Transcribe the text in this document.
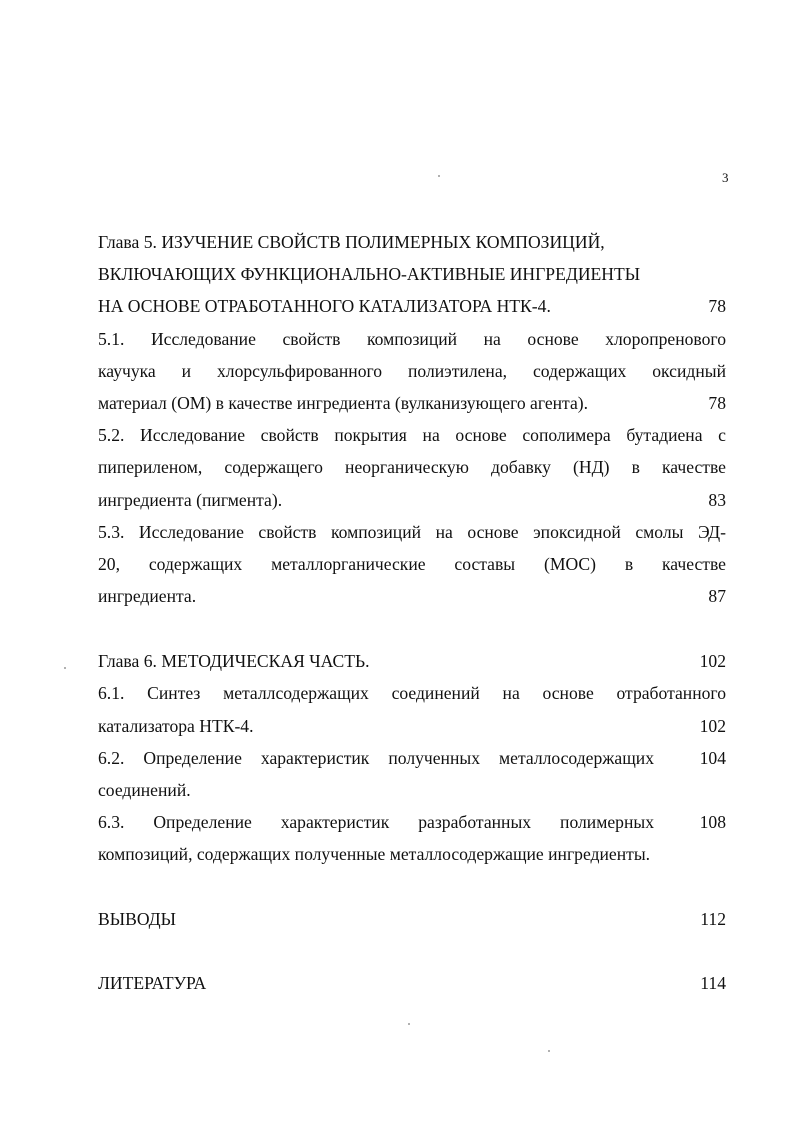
3
Глава 5. ИЗУЧЕНИЕ СВОЙСТВ ПОЛИМЕРНЫХ КОМПОЗИЦИЙ,
ВКЛЮЧАЮЩИХ ФУНКЦИОНАЛЬНО-АКТИВНЫЕ ИНГРЕДИЕНТЫ
НА ОСНОВЕ ОТРАБОТАННОГО КАТАЛИЗАТОРА НТК-4.	78
5.1. Исследование свойств композиций на основе хлоропренового
каучука и хлорсульфированного полиэтилена, содержащих оксидный
материал (ОМ) в качестве ингредиента (вулканизующего агента).	78
5.2. Исследование свойств покрытия на основе сополимера бутадиена с
пипериленом, содержащего неорганическую добавку (НД) в качестве
ингредиента (пигмента).	83
5.3. Исследование свойств композиций на основе эпоксидной смолы ЭД-
20, содержащих металлорганические составы (МОС) в качестве
ингредиента.	87
Глава 6. МЕТОДИЧЕСКАЯ ЧАСТЬ.	102
6.1. Синтез металлсодержащих соединений на основе отработанного
катализатора НТК-4.	102
6.2. Определение характеристик полученных металлосодержащих	104
соединений.
6.3. Определение характеристик разработанных полимерных	108
композиций, содержащих полученные металлосодержащие ингредиенты.
ВЫВОДЫ	112
ЛИТЕРАТУРА	114
